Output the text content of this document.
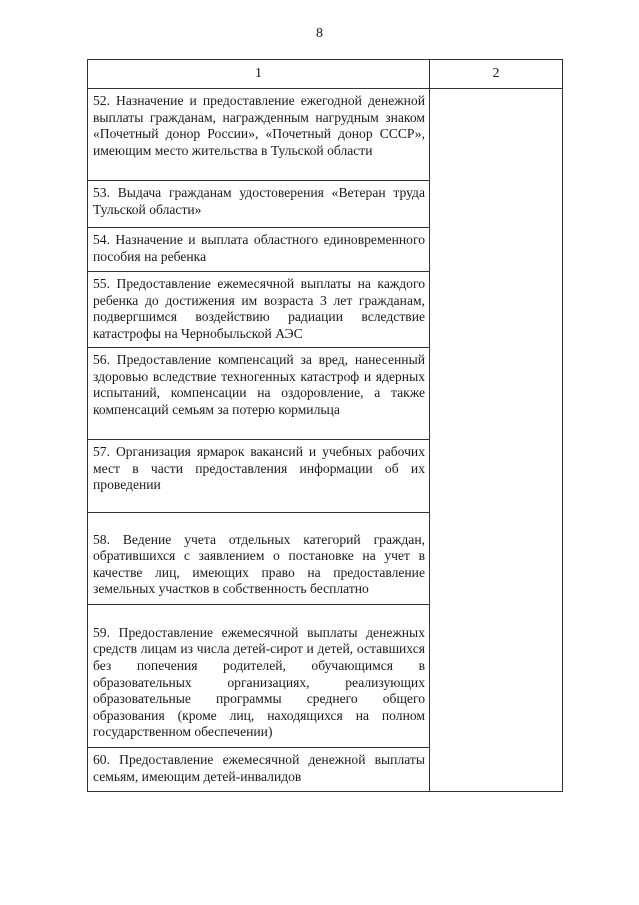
8
1	2

52. Назначение и предоставление ежегодной денежной выплаты гражданам, награжденным нагрудным знаком «Почетный донор России», «Почетный донор СССР», имеющим место жительства в Тульской области	

53. Выдача гражданам удостоверения «Ветеран труда Тульской области»	

54. Назначение и выплата областного единовременного пособия на ребенка	

55. Предоставление ежемесячной выплаты на каждого ребенка до достижения им возраста 3 лет гражданам, подвергшимся воздействию радиации вследствие катастрофы на Чернобыльской АЭС	

56. Предоставление компенсаций за вред, нанесенный здоровью вследствие техногенных катастроф и ядерных испытаний, компенсации на оздоровление, а также компенсаций семьям за потерю кормильца	

57. Организация ярмарок вакансий и учебных рабочих мест в части предоставления информации об их проведении	

58. Ведение учета отдельных категорий граждан, обратившихся с заявлением о постановке на учет в качестве лиц, имеющих право на предоставление земельных участков в собственность бесплатно	

59. Предоставление ежемесячной выплаты денежных средств лицам из числа детей-сирот и детей, оставшихся без попечения родителей, обучающимся в образовательных организациях, реализующих образовательные программы среднего общего образования (кроме лиц, находящихся на полном государственном обеспечении)	

60. Предоставление ежемесячной денежной выплаты семьям, имеющим детей-инвалидов	
